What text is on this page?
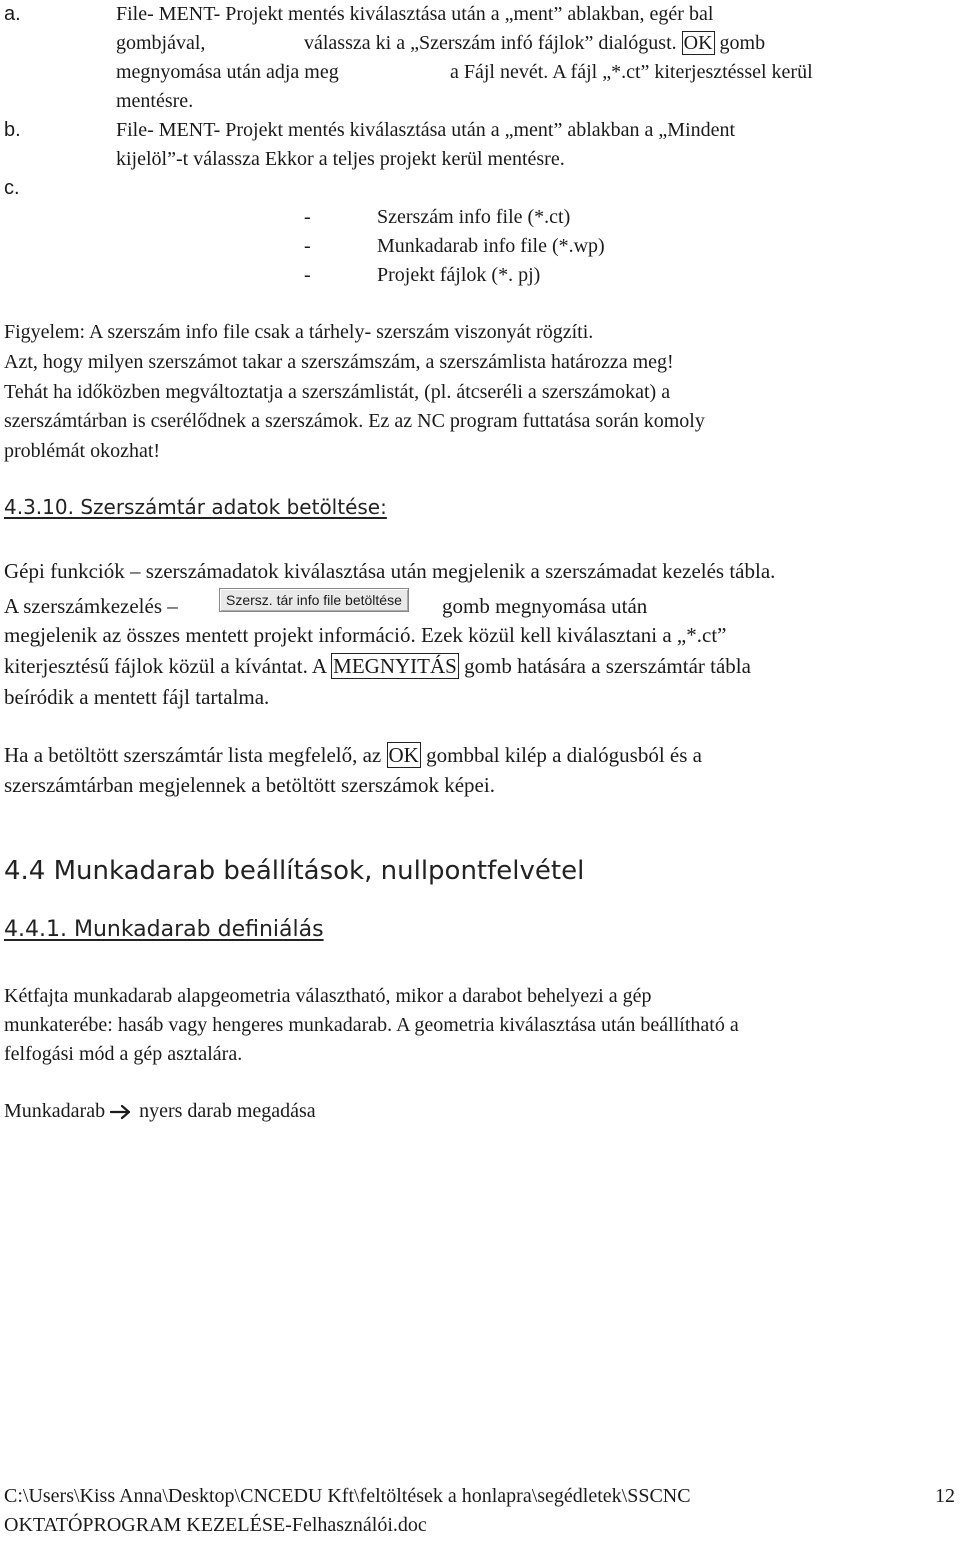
a.	File- MENT- Projekt mentés kiválasztása után a „ment” ablakban, egér bal
gombjával,	válassza ki a „Szerszám infó fájlok” dialógust. OK gomb
megnyomása után adja meg	a Fájl nevét. A fájl „*.ct” kiterjesztéssel kerül
mentésre.
b.	File- MENT- Projekt mentés kiválasztása után a „ment” ablakban a „Mindent
kijelöl”-t válassza Ekkor a teljes projekt kerül mentésre.
c.
-	Szerszám info file (*.ct)
-	Munkadarab info file (*.wp)
-	Projekt fájlok (*. pj)
Figyelem: A szerszám info file csak a tárhely- szerszám viszonyát rögzíti.
Azt, hogy milyen szerszámot takar a szerszámszám, a szerszámlista határozza meg!
Tehát ha időközben megváltoztatja a szerszámlistát, (pl. átcseréli a szerszámokat) a
szerszámtárban is cserélődnek a szerszámok. Ez az NC program futtatása során komoly
problémát okozhat!
4.3.10. Szerszámtár adatok betöltése:
Gépi funkciók – szerszámadatok kiválasztása után megjelenik a szerszámadat kezelés tábla.
A szerszámkezelés –	Szersz. tár info file betöltése	gomb megnyomása után
megjelenik az összes mentett projekt információ. Ezek közül kell kiválasztani a „*.ct”
kiterjesztésű fájlok közül a kívántat. A MEGNYITÁS gomb hatására a szerszámtár tábla
beíródik a mentett fájl tartalma.
Ha a betöltött szerszámtár lista megfelelő, az OK gombbal kilép a dialógusból és a
szerszámtárban megjelennek a betöltött szerszámok képei.
4.4 Munkadarab beállítások, nullpontfelvétel
4.4.1. Munkadarab definiálás
Kétfajta munkadarab alapgeometria választható, mikor a darabot behelyezi a gép
munkaterébe: hasáb vagy hengeres munkadarab. A geometria kiválasztása után beállítható a
felfogási mód a gép asztalára.
Munkadarab nyers darab megadása
C:\Users\Kiss Anna\Desktop\CNCEDU Kft\feltöltések a honlapra\segédletek\SSCNC
OKTATÓPROGRAM KEZELÉSE-Felhasználói.doc
12
